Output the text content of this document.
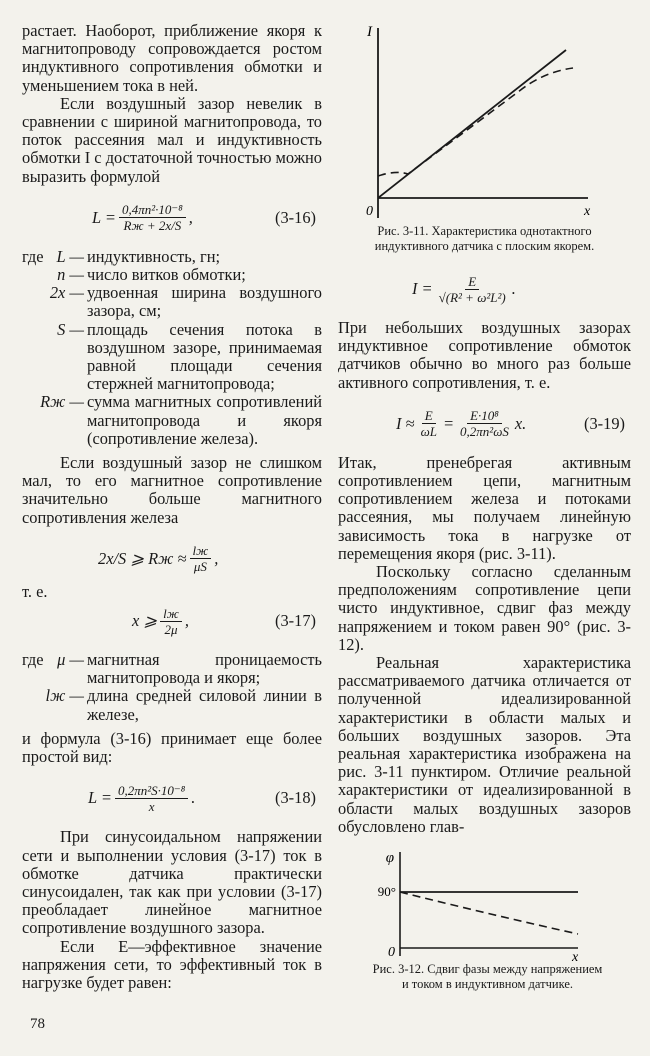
растает. Наоборот, приближение якоря к магнитопроводу сопровождается ростом индуктивного сопротивления обмотки и уменьшением тока в ней.

Если воздушный зазор невелик в сравнении с шириной магнитопровода, то поток рассеяния мал и индуктивность обмотки I с достаточной точностью можно выразить формулой

$L = \frac{\text{0,4πn²·10⁻⁸}}{Rж + 2x/S}$ ,	(3-16)
где L — индуктивность, гн;
n — число витков обмотки;
2x — удвоенная ширина воздушного зазора, см;
S — площадь сечения потока в воздушном зазоре, принимаемая равной площади сечения стержней магнитопровода;
Rж — сумма магнитных сопротивлений магнитопровода и якоря (сопротивление железа).

Если воздушный зазор не слишком мал, то его магнитное сопротивление значительно больше магнитного сопротивления железа

2x/S ⩾ Rж ≈ $\frac{lж}{\mu S}$ ,

т. е.

x ⩾ $\frac{lж}{2\mu}$ ,	(3-17)
где μ — магнитная проницаемость магнитопровода и якоря;
lж — длина средней силовой линии в железе,

и формула (3-16) принимает еще более простой вид:

$L = \frac{\text{0,2πn²S·10⁻⁸}}{x}$ .	(3-18)

При синусоидальном напряжении сети и выполнении условия (3-17) ток в обмотке датчика практически синусоидален, так как при условии (3-17) преобладает линейное магнитное сопротивление воздушного зазора.

Если E—эффективное значение напряжения сети, то эффективный ток в нагрузке будет равен:

78
I
x
0

Рис. 3-11. Характеристика однотактного индуктивного датчика с плоским якорем.

$I = \frac{E}{\text{√(R² + ω²L²)}}$ .

При небольших воздушных зазорах индуктивное сопротивление обмоток датчиков обычно во много раз больше активного сопротивления, т. е.

$I \approx \frac{E}{\omega L} = \frac{\text{E·10⁸}}{\text{0,2πn²ωS}} x$.	(3-19)

Итак, пренебрегая активным сопротивлением цепи, магнитным сопротивлением железа и потоками рассеяния, мы получаем линейную зависимость тока в нагрузке от перемещения якоря (рис. 3-11).

Поскольку согласно сделанным предположениям сопротивление цепи чисто индуктивное, сдвиг фаз между напряжением и током равен 90° (рис. 3-12).

Реальная характеристика рассматриваемого датчика отличается от полученной идеализированной характеристики в области малых и больших воздушных зазоров. Эта реальная характеристика изображена на рис. 3-11 пунктиром. Отличие реальной характеристики от идеализированной в области малых воздушных зазоров обусловлено глав-

φ
90°
x
0

Рис. 3-12. Сдвиг фазы между напряжением и током в индуктивном датчике.
